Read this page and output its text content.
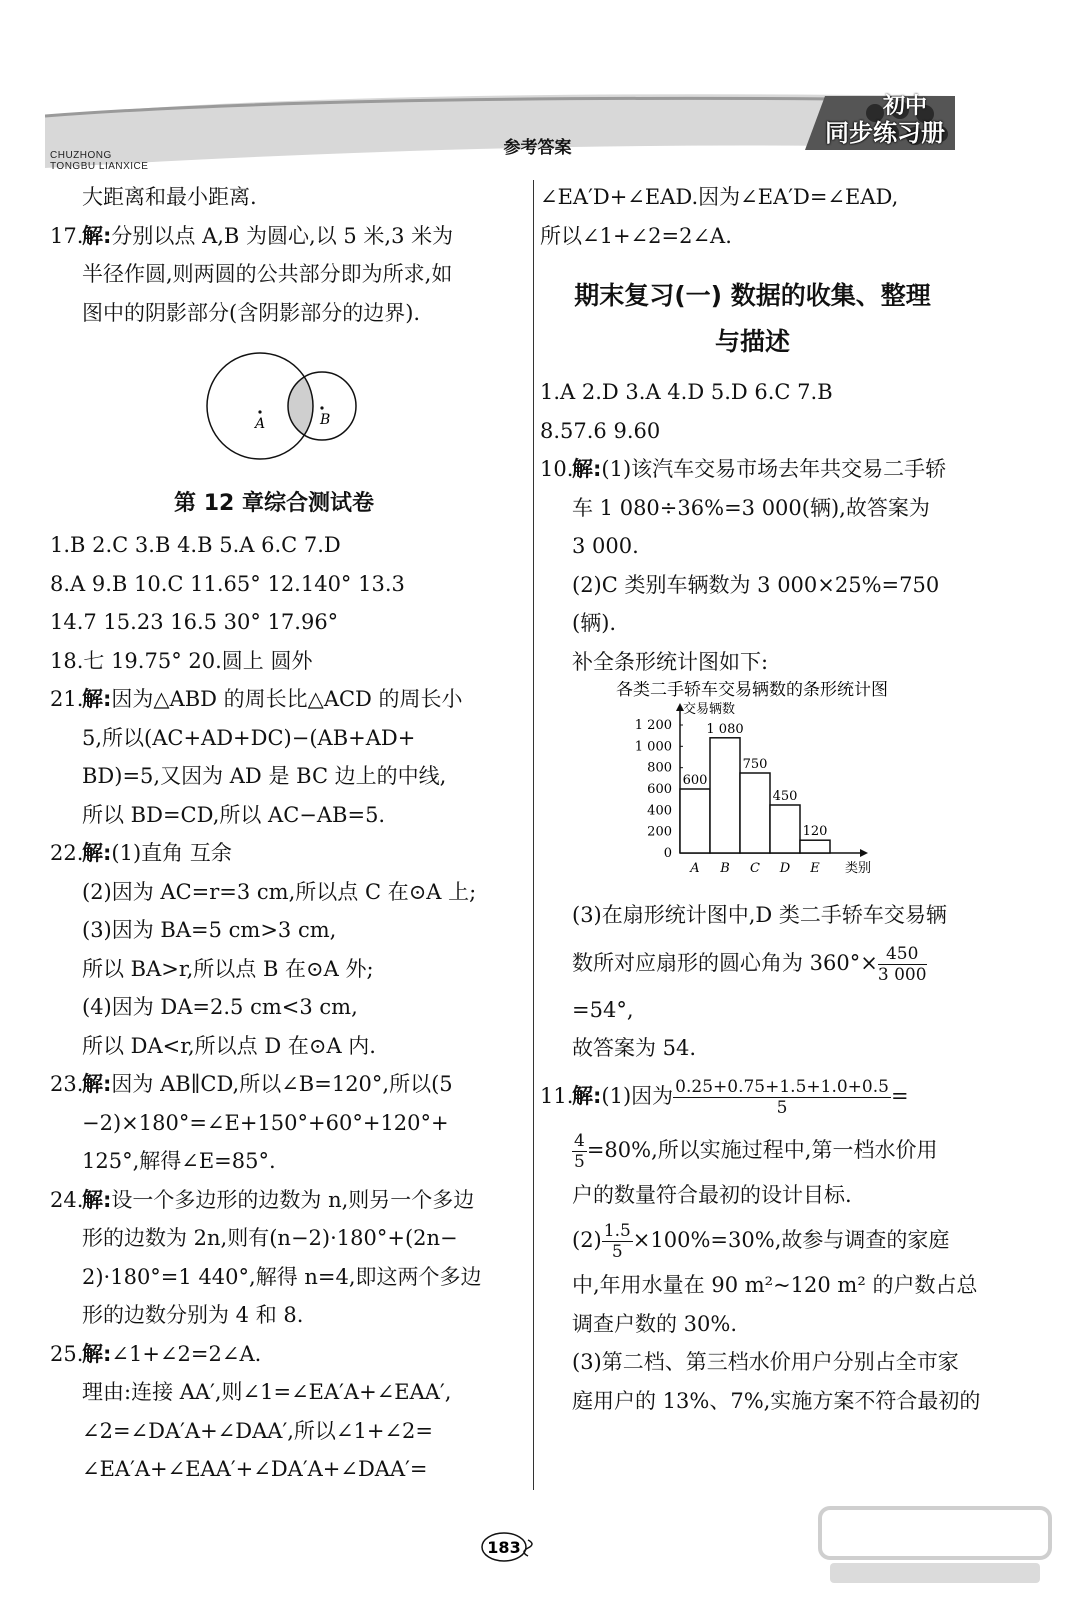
CHUZHONG
TONGBU LIANXICE
参考答案
初中
同步练习册
大距离和最小距离.
17.解:分别以点 A,B 为圆心,以 5 米,3 米为
半径作圆,则两圆的公共部分即为所求,如
图中的阴影部分(含阴影部分的边界).
A	B
第 12 章综合测试卷
1.B 2.C 3.B 4.B 5.A 6.C 7.D
8.A 9.B 10.C 11.65° 12.140° 13.3
14.7 15.23 16.5 30° 17.96°
18.七 19.75° 20.圆上 圆外
21.解:因为△ABD 的周长比△ACD 的周长小
5,所以(AC+AD+DC)−(AB+AD+
BD)=5,又因为 AD 是 BC 边上的中线,
所以 BD=CD,所以 AC−AB=5.
22.解:(1)直角 互余
(2)因为 AC=r=3 cm,所以点 C 在⊙A 上;
(3)因为 BA=5 cm>3 cm,
所以 BA>r,所以点 B 在⊙A 外;
(4)因为 DA=2.5 cm<3 cm,
所以 DA<r,所以点 D 在⊙A 内.
23.解:因为 AB∥CD,所以∠B=120°,所以(5
−2)×180°=∠E+150°+60°+120°+
125°,解得∠E=85°.
24.解:设一个多边形的边数为 n,则另一个多边
形的边数为 2n,则有(n−2)·180°+(2n−
2)·180°=1 440°,解得 n=4,即这两个多边
形的边数分别为 4 和 8.
25.解:∠1+∠2=2∠A.
理由:连接 AA′,则∠1=∠EA′A+∠EAA′,
∠2=∠DA′A+∠DAA′,所以∠1+∠2=
∠EA′A+∠EAA′+∠DA′A+∠DAA′=
∠EA′D+∠EAD.因为∠EA′D=∠EAD,
所以∠1+∠2=2∠A.
期末复习(一) 数据的收集、整理
与描述
1.A 2.D 3.A 4.D 5.D 6.C 7.B
8.57.6 9.60
10.解:(1)该汽车交易市场去年共交易二手轿
车 1 080÷36%=3 000(辆),故答案为
3 000.
(2)C 类别车辆数为 3 000×25%=750
(辆).
补全条形统计图如下:
各类二手轿车交易辆数的条形统计图
交易辆数
类别
0
200
400
600
800
1 000
1 200
600
A
1 080
B
750
C
450
D
120
E
(3)在扇形统计图中,D 类二手轿车交易辆
数所对应扇形的圆心角为 $360^\circ\times \frac{450}{3 000}$
=54°,
故答案为 54.
11.解:(1)因为 $\frac{0.25+0.75+1.5+1.0+0.5}{5}$ =
$\frac{4}{5} =80\%$,所以实施过程中,第一档水价用
户的数量符合最初的设计目标.
$(2) \frac{1.5}{5} \times 100\%=30\%$,故参与调查的家庭
中,年用水量在 90 m²~120 m² 的户数占总
调查户数的 30%.
(3)第二档、第三档水价用户分别占全市家
庭用户的 13%、7%,实施方案不符合最初的
183
